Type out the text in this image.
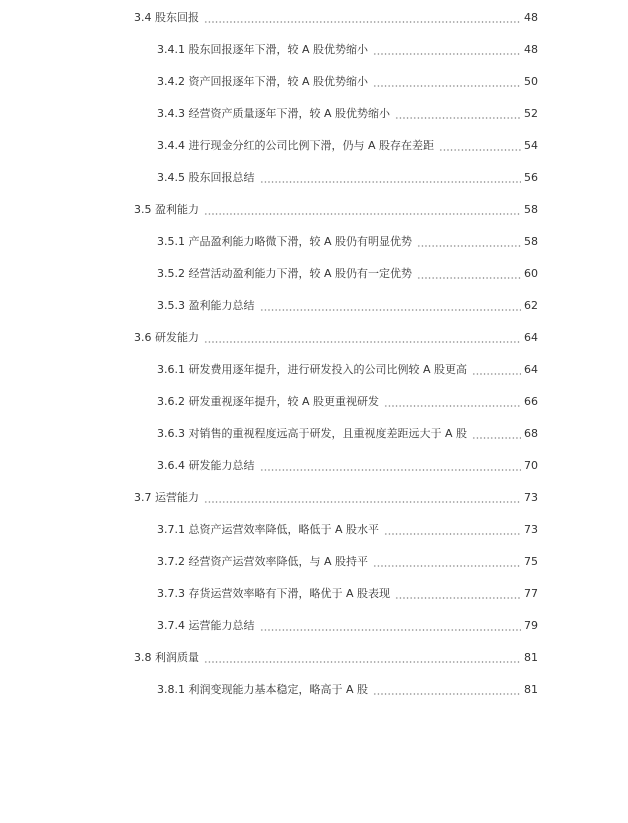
3.4 股东回报	48
3.4.1 股东回报逐年下滑，较 A 股优势缩小	48
3.4.2 资产回报逐年下滑，较 A 股优势缩小	50
3.4.3 经营资产质量逐年下滑，较 A 股优势缩小	52
3.4.4 进行现金分红的公司比例下滑，仍与 A 股存在差距	54
3.4.5 股东回报总结	56
3.5 盈利能力	58
3.5.1 产品盈利能力略微下滑，较 A 股仍有明显优势	58
3.5.2 经营活动盈利能力下滑，较 A 股仍有一定优势	60
3.5.3 盈利能力总结	62
3.6 研发能力	64
3.6.1 研发费用逐年提升，进行研发投入的公司比例较 A 股更高	64
3.6.2 研发重视逐年提升，较 A 股更重视研发	66
3.6.3 对销售的重视程度远高于研发，且重视度差距远大于 A 股	68
3.6.4 研发能力总结	70
3.7 运营能力	73
3.7.1 总资产运营效率降低，略低于 A 股水平	73
3.7.2 经营资产运营效率降低，与 A 股持平	75
3.7.3 存货运营效率略有下滑，略优于 A 股表现	77
3.7.4 运营能力总结	79
3.8 利润质量	81
3.8.1 利润变现能力基本稳定，略高于 A 股	81
